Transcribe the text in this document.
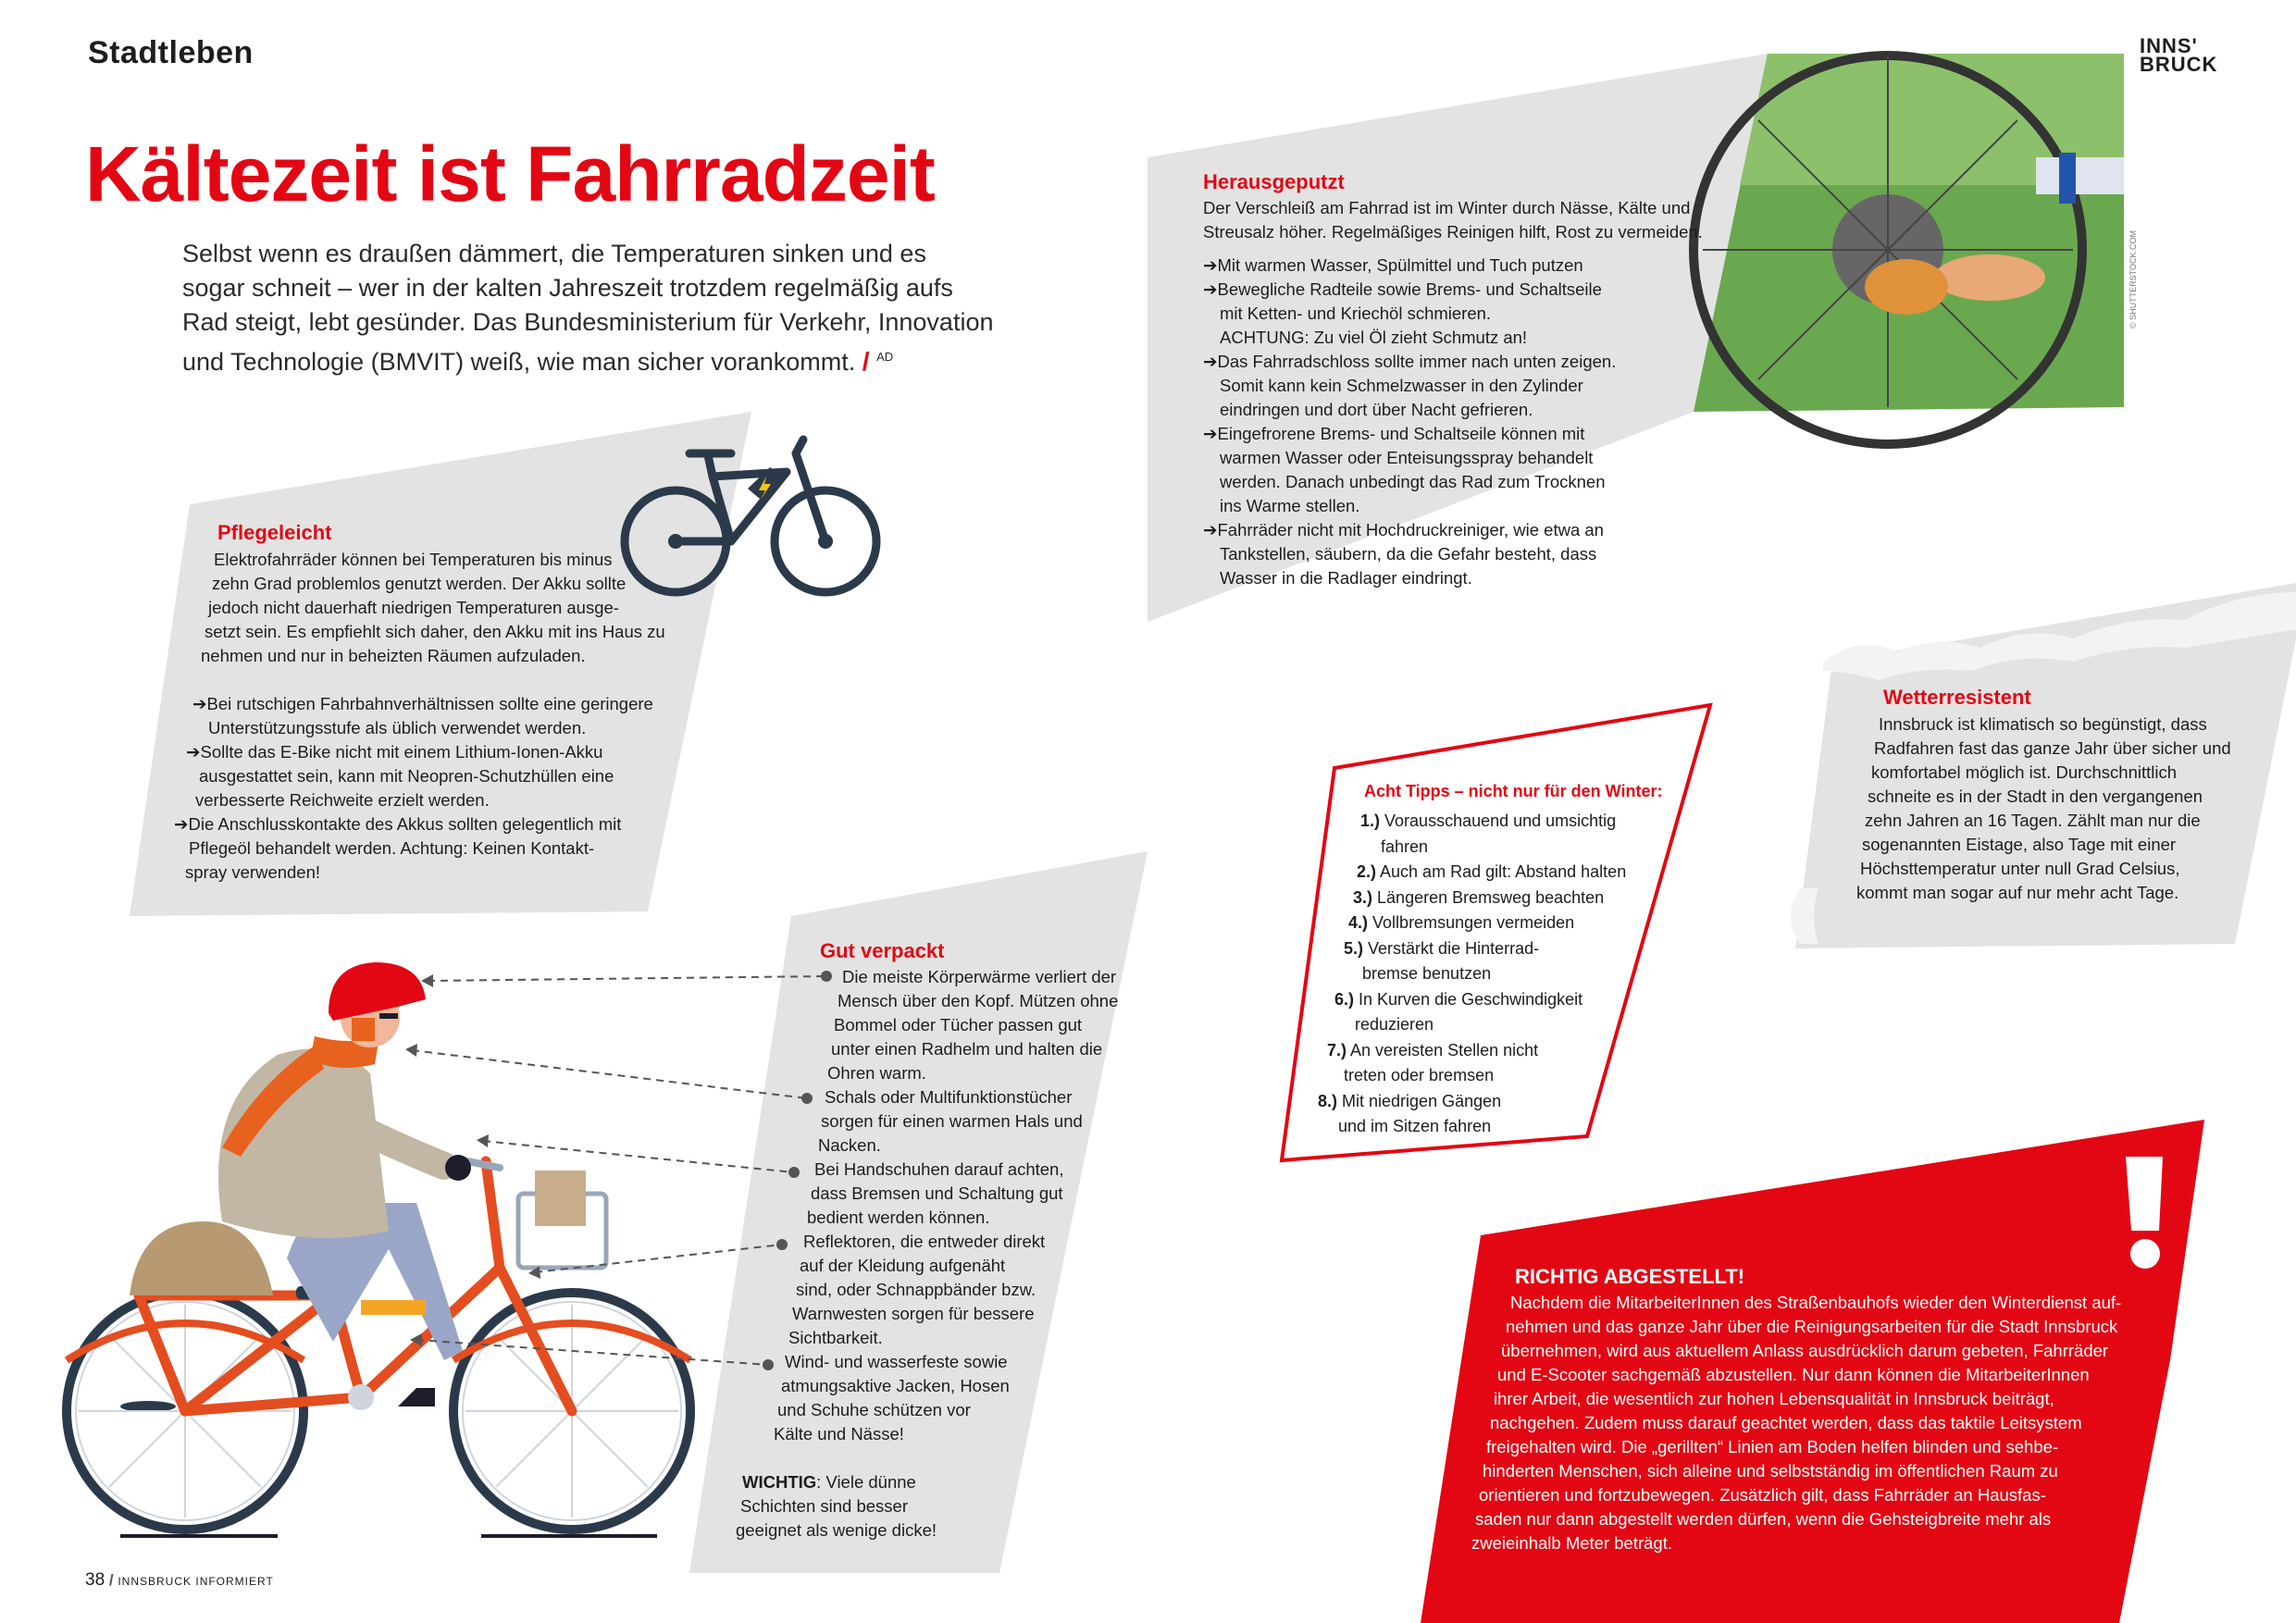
Stadtleben	INNS'
BRUCK
Kältezeit ist Fahrradzeit
Selbst wenn es draußen dämmert, die Temperaturen sinken und es
sogar schneit – wer in der kalten Jahreszeit trotzdem regelmäßig aufs
Rad steigt, lebt gesünder. Das Bundesministerium für Verkehr, Innovation
und Technologie (BMVIT) weiß, wie man sicher vorankommt. / $^{AD}$
Pflegeleicht
Elektrofahrräder können bei Temperaturen bis minus
zehn Grad problemlos genutzt werden. Der Akku sollte
jedoch nicht dauerhaft niedrigen Temperaturen ausge-
setzt sein. Es empfiehlt sich daher, den Akku mit ins Haus zu
nehmen und nur in beheizten Räumen aufzuladen.

➔Bei rutschigen Fahrbahnverhältnissen sollte eine geringere
Unterstützungsstufe als üblich verwendet werden.
➔Sollte das E-Bike nicht mit einem Lithium-Ionen-Akku
ausgestattet sein, kann mit Neopren-Schutzhüllen eine
verbesserte Reichweite erzielt werden.
➔Die Anschlusskontakte des Akkus sollten gelegentlich mit
Pflegeöl behandelt werden. Achtung: Keinen Kontakt-
spray verwenden!
Herausgeputzt
Der Verschleiß am Fahrrad ist im Winter durch Nässe, Kälte und
Streusalz höher. Regelmäßiges Reinigen hilft, Rost zu vermeiden.
➔Mit warmen Wasser, Spülmittel und Tuch putzen
➔Bewegliche Radteile sowie Brems- und Schaltseile
mit Ketten- und Kriechöl schmieren.
ACHTUNG: Zu viel Öl zieht Schmutz an!
➔Das Fahrradschloss sollte immer nach unten zeigen.
Somit kann kein Schmelzwasser in den Zylinder
eindringen und dort über Nacht gefrieren.
➔Eingefrorene Brems- und Schaltseile können mit
warmen Wasser oder Enteisungsspray behandelt
werden. Danach unbedingt das Rad zum Trocknen
ins Warme stellen.
➔Fahrräder nicht mit Hochdruckreiniger, wie etwa an
Tankstellen, säubern, da die Gefahr besteht, dass
Wasser in die Radlager eindringt.
© SHUTTERSTOCK.COM
Wetterresistent
Innsbruck ist klimatisch so begünstigt, dass
Radfahren fast das ganze Jahr über sicher und
komfortabel möglich ist. Durchschnittlich
schneite es in der Stadt in den vergangenen
zehn Jahren an 16 Tagen. Zählt man nur die
sogenannten Eistage, also Tage mit einer
Höchsttemperatur unter null Grad Celsius,
kommt man sogar auf nur mehr acht Tage.
Acht Tipps – nicht nur für den Winter:
1.) Vorausschauend und umsichtig
fahren
2.) Auch am Rad gilt: Abstand halten
3.) Längeren Bremsweg beachten
4.) Vollbremsungen vermeiden
5.) Verstärkt die Hinterrad-
bremse benutzen
6.) In Kurven die Geschwindigkeit
reduzieren
7.) An vereisten Stellen nicht
treten oder bremsen
8.) Mit niedrigen Gängen
und im Sitzen fahren
Gut verpackt
Die meiste Körperwärme verliert der
Mensch über den Kopf. Mützen ohne
Bommel oder Tücher passen gut
unter einen Radhelm und halten die
Ohren warm.
Schals oder Multifunktionstücher
sorgen für einen warmen Hals und
Nacken.
Bei Handschuhen darauf achten,
dass Bremsen und Schaltung gut
bedient werden können.
Reflektoren, die entweder direkt
auf der Kleidung aufgenäht
sind, oder Schnappbänder bzw.
Warnwesten sorgen für bessere
Sichtbarkeit.
Wind- und wasserfeste sowie
atmungsaktive Jacken, Hosen
und Schuhe schützen vor
Kälte und Nässe!
WICHTIG: Viele dünne
Schichten sind besser
geeignet als wenige dicke!
RICHTIG ABGESTELLT!
Nachdem die MitarbeiterInnen des Straßenbauhofs wieder den Winterdienst auf-
nehmen und das ganze Jahr über die Reinigungsarbeiten für die Stadt Innsbruck
übernehmen, wird aus aktuellem Anlass ausdrücklich darum gebeten, Fahrräder
und E-Scooter sachgemäß abzustellen. Nur dann können die MitarbeiterInnen
ihrer Arbeit, die wesentlich zur hohen Lebensqualität in Innsbruck beiträgt,
nachgehen. Zudem muss darauf geachtet werden, dass das taktile Leitsystem
freigehalten wird. Die „gerillten“ Linien am Boden helfen blinden und sehbe-
hinderten Menschen, sich alleine und selbstständig im öffentlichen Raum zu
orientieren und fortzubewegen. Zusätzlich gilt, dass Fahrräder an Hausfas-
saden nur dann abgestellt werden dürfen, wenn die Gehsteigbreite mehr als
zweieinhalb Meter beträgt.
38 / INNSBRUCK INFORMIERT
